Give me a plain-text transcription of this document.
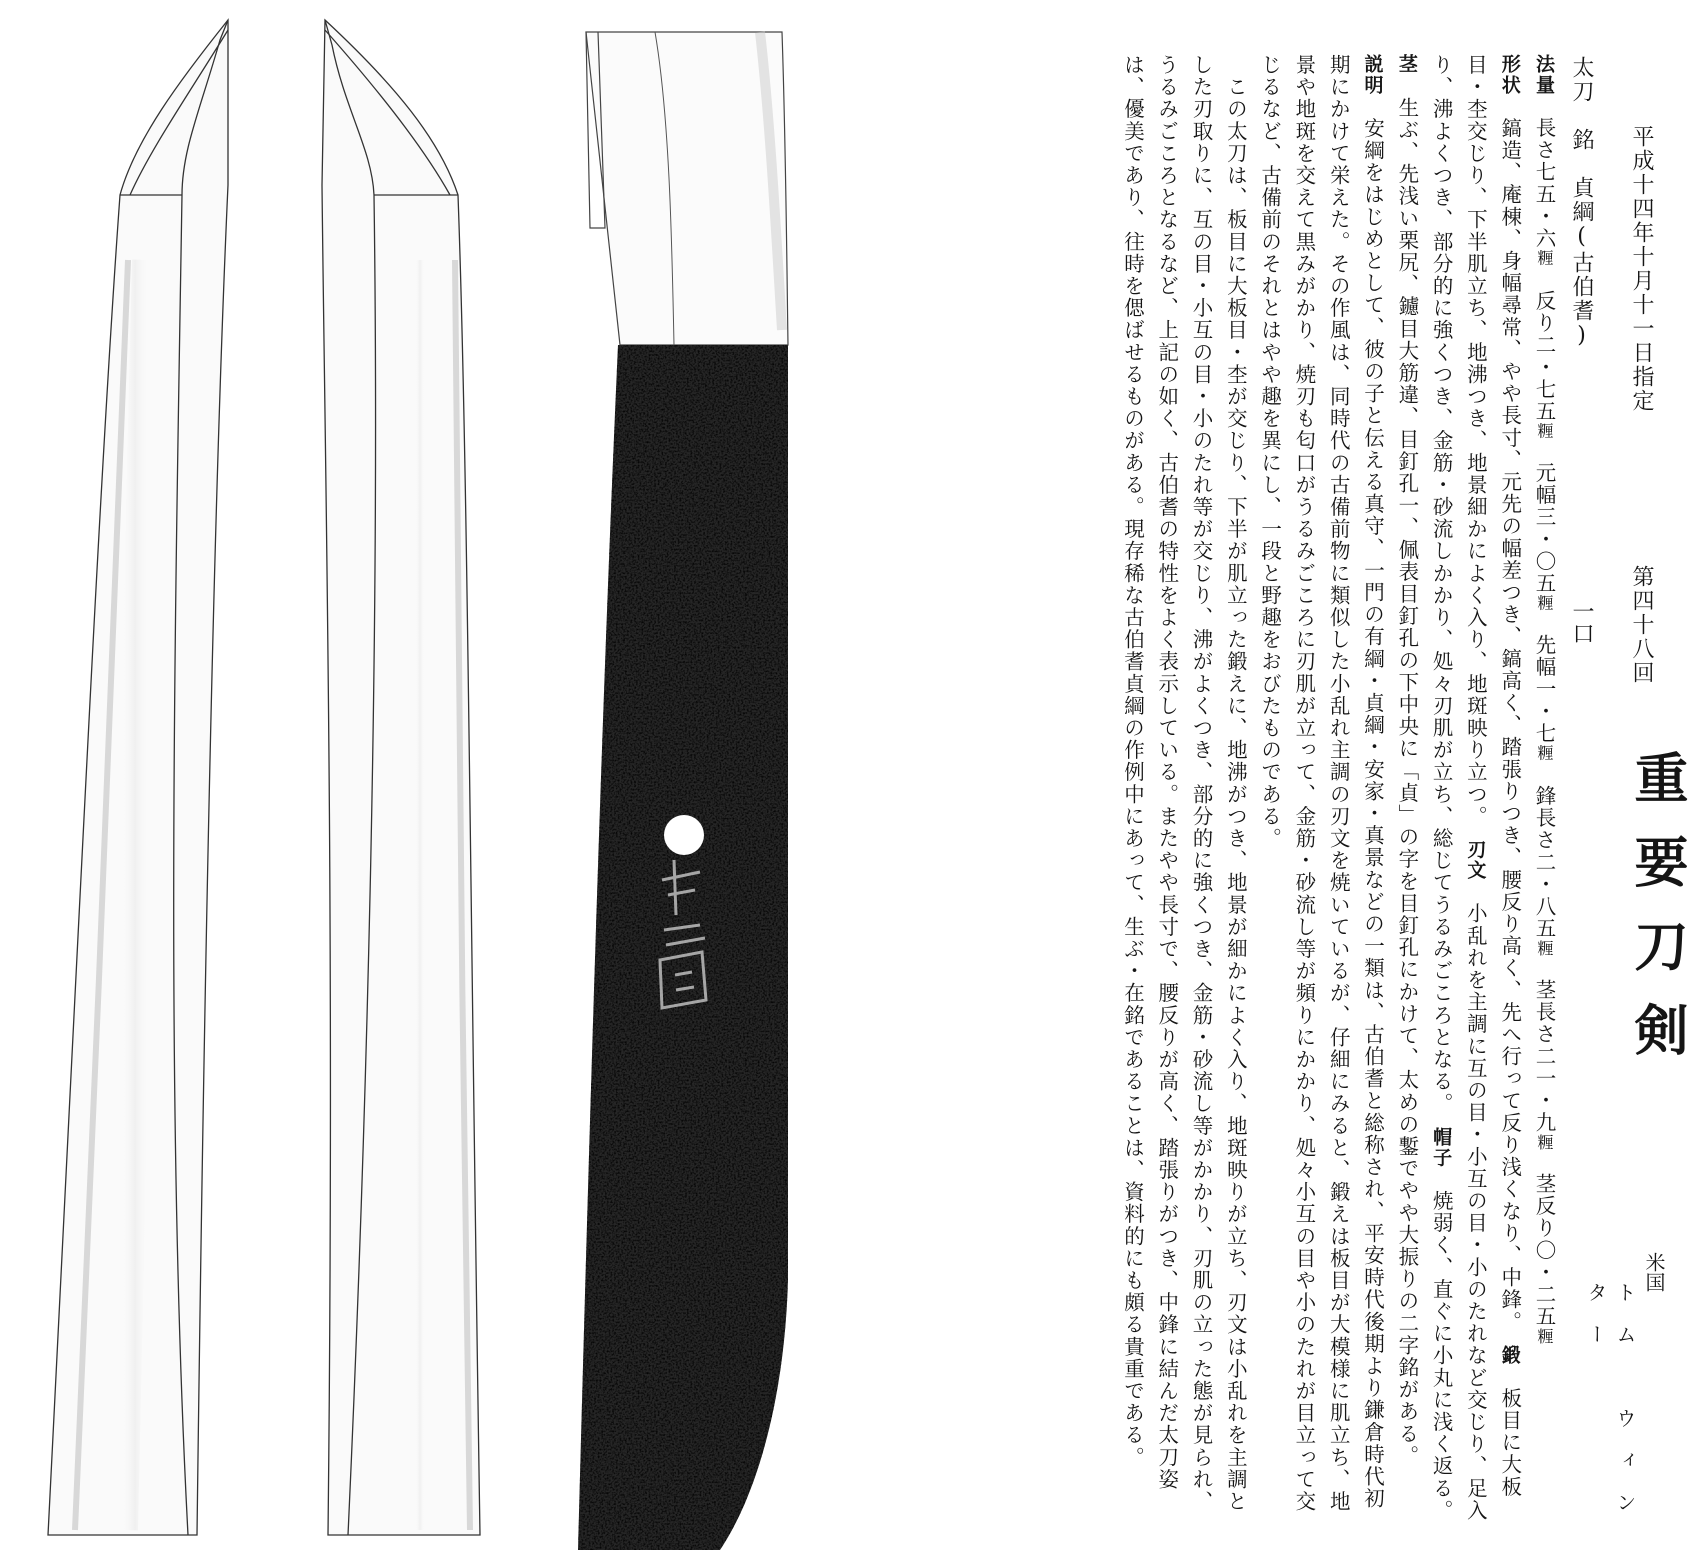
平成十四年十月十一日指定
第四十八回
重要刀剣
太刀　銘　貞綱(古伯耆)
一口
米国
トム　ウィンター
法量　長さ七五・六糎　反り二・七五糎　元幅三・〇五糎　先幅一・七糎　鋒長さ二・八五糎　茎長さ二一・九糎　茎反り〇・二五糎
形状　鎬造、庵棟、身幅尋常、やや長寸、元先の幅差つき、鎬高く、踏張りつき、腰反り高く、先へ行って反り浅くなり、中鋒。　鍛　板目に大板目・杢交じり、下半肌立ち、地沸つき、地景細かによく入り、地斑映り立つ。　刃文　小乱れを主調に互の目・小互の目・小のたれなど交じり、足入り、沸よくつき、部分的に強くつき、金筋・砂流しかかり、処々刃肌が立ち、総じてうるみごころとなる。　帽子　焼弱く、直ぐに小丸に浅く返る。　茎　生ぶ、先浅い栗尻、鑢目大筋違、目釘孔一、佩表目釘孔の下中央に「貞」の字を目釘孔にかけて、太めの鏨でやや大振りの二字銘がある。
説明　安綱をはじめとして、彼の子と伝える真守、一門の有綱・貞綱・安家・真景などの一類は、古伯耆と総称され、平安時代後期より鎌倉時代初期にかけて栄えた。その作風は、同時代の古備前物に類似した小乱れ主調の刃文を焼いているが、仔細にみると、鍛えは板目が大模様に肌立ち、地景や地斑を交えて黒みがかり、焼刃も匂口がうるみごころに刃肌が立って、金筋・砂流し等が頻りにかかり、処々小互の目や小のたれが目立って交じるなど、古備前のそれとはやや趣を異にし、一段と野趣をおびたものである。
　この太刀は、板目に大板目・杢が交じり、下半が肌立った鍛えに、地沸がつき、地景が細かによく入り、地斑映りが立ち、刃文は小乱れを主調とした刃取りに、互の目・小互の目・小のたれ等が交じり、沸がよくつき、部分的に強くつき、金筋・砂流し等がかかり、刃肌の立った態が見られ、うるみごころとなるなど、上記の如く、古伯耆の特性をよく表示している。またやや長寸で、腰反りが高く、踏張りがつき、中鋒に結んだ太刀姿は、優美であり、往時を偲ばせるものがある。現存稀な古伯耆貞綱の作例中にあって、生ぶ・在銘であることは、資料的にも頗る貴重である。
